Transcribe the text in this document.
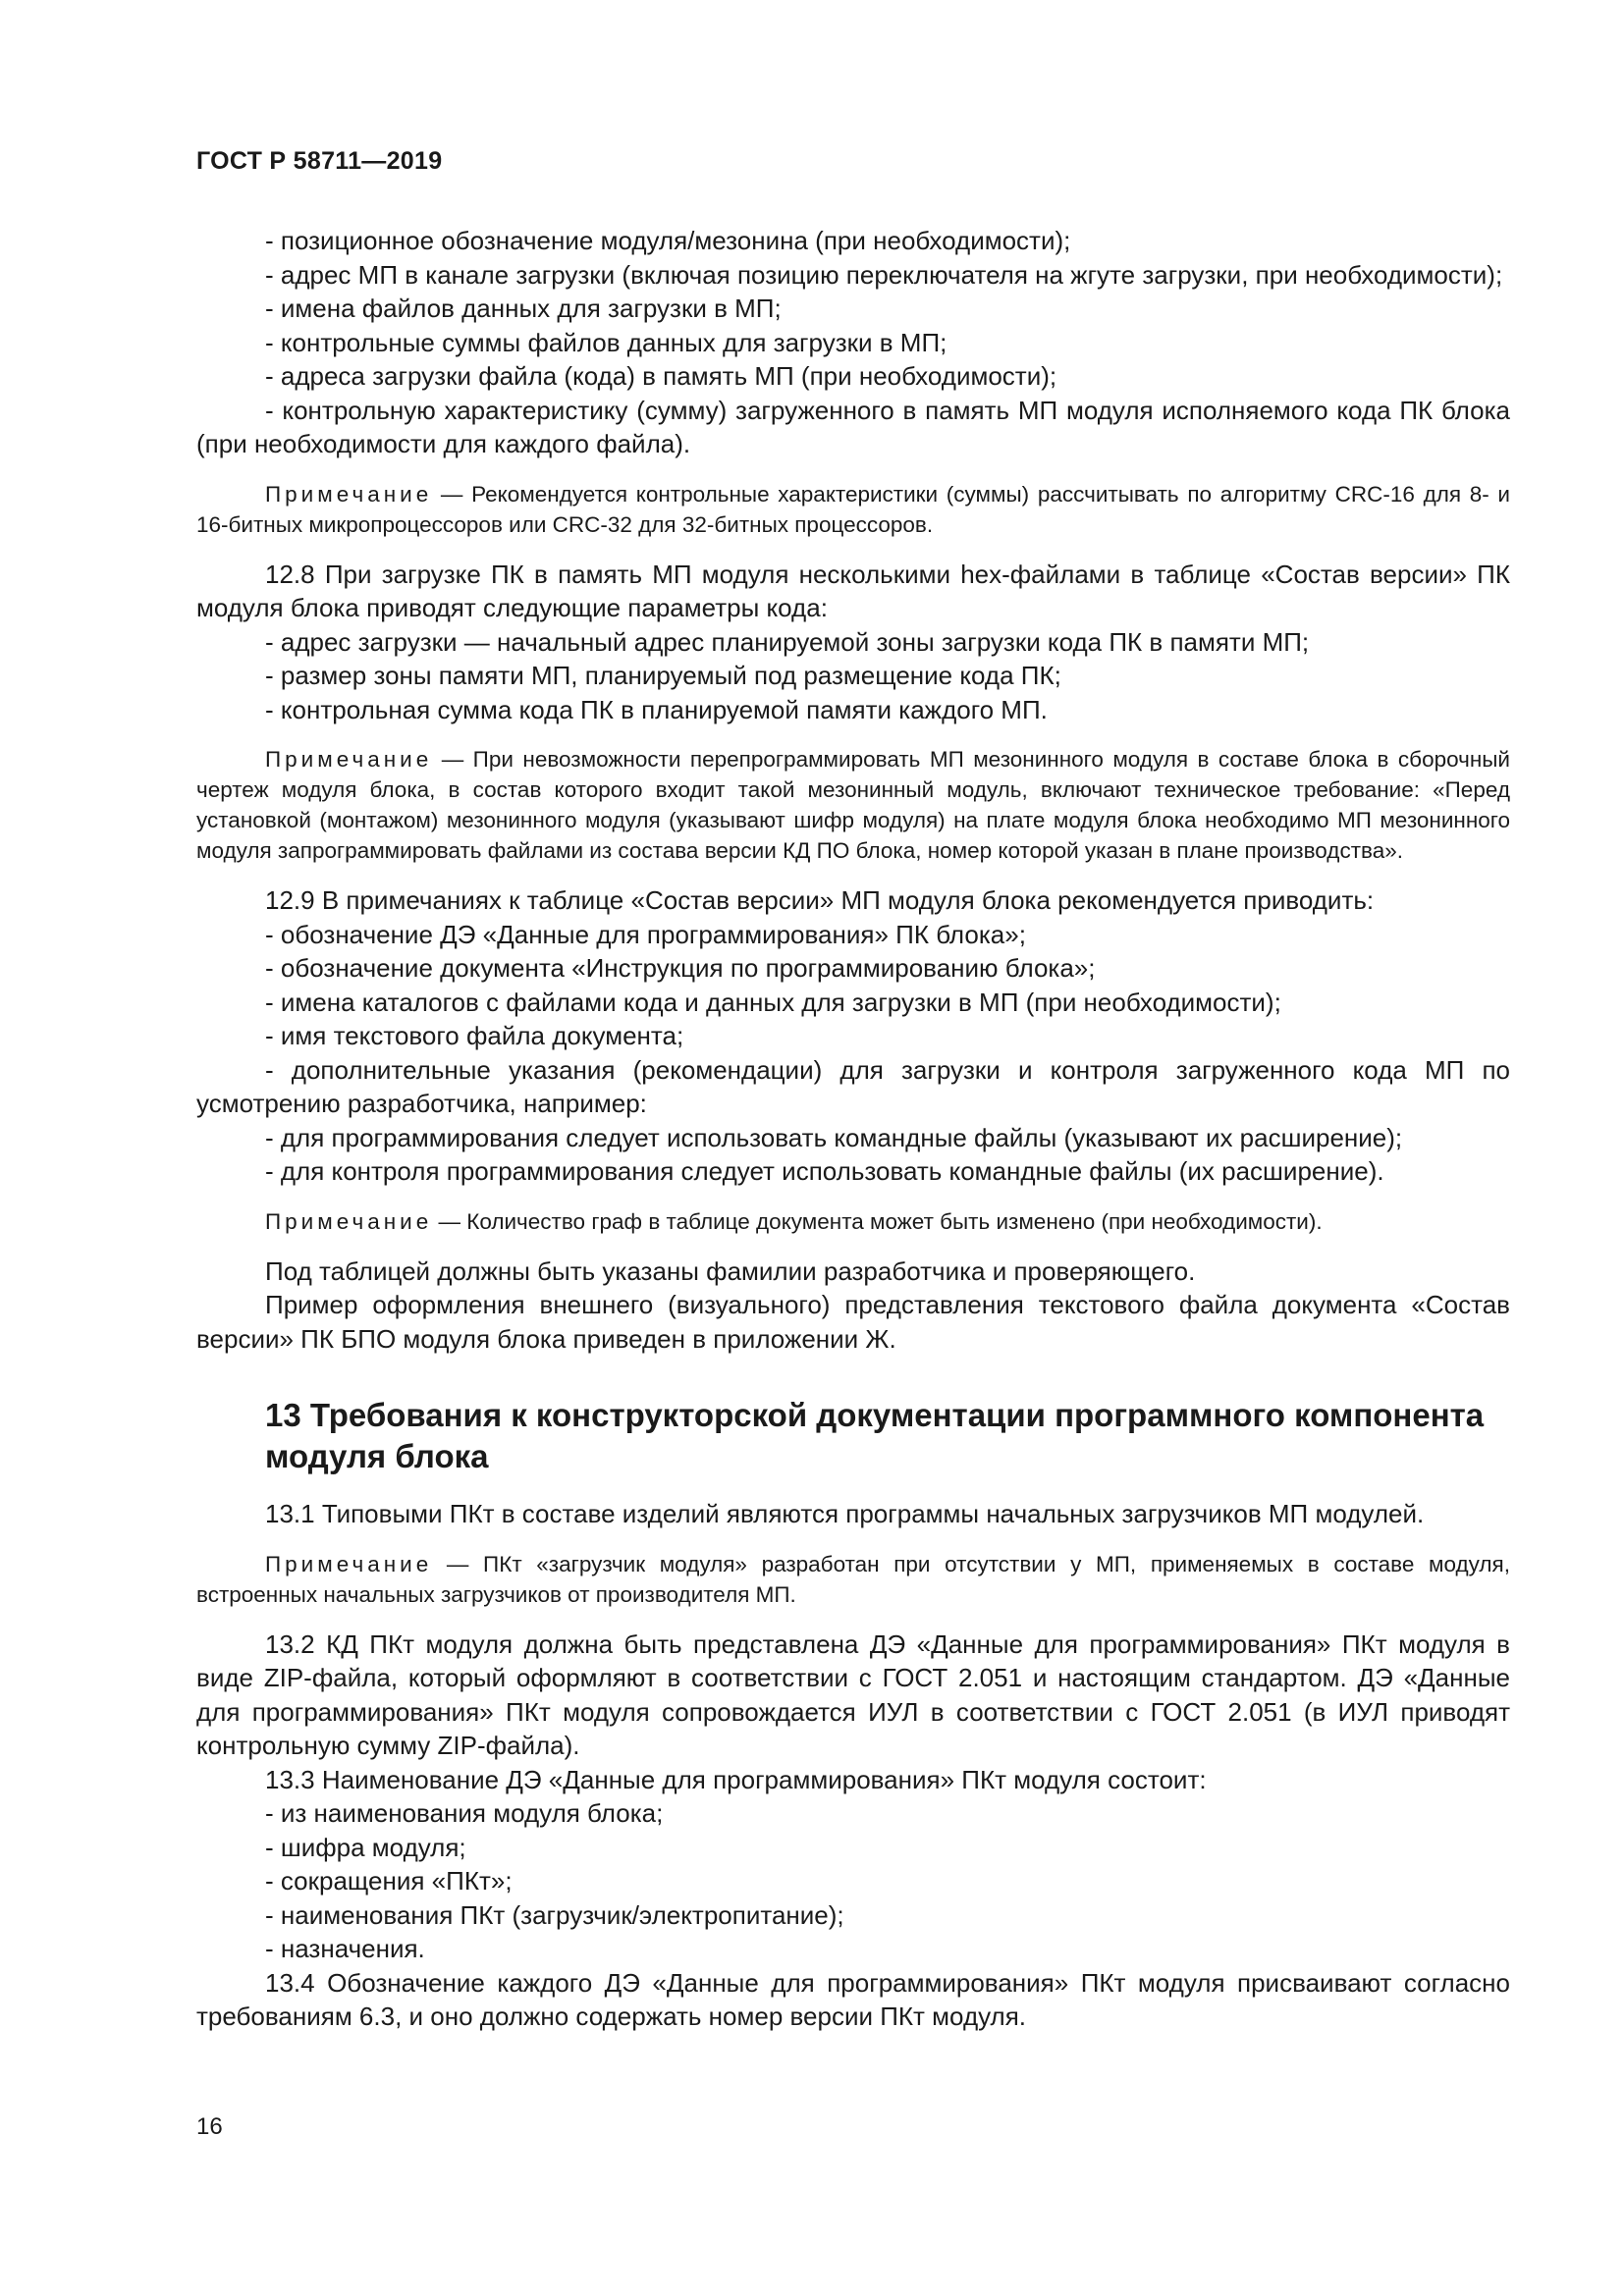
ГОСТ Р 58711—2019

- позиционное обозначение модуля/мезонина (при необходимости);

- адрес МП в канале загрузки (включая позицию переключателя на жгуте загрузки, при необходимости);

- имена файлов данных для загрузки в МП;

- контрольные суммы файлов данных для загрузки в МП;

- адреса загрузки файла (кода) в память МП (при необходимости);

- контрольную характеристику (сумму) загруженного в память МП модуля исполняемого кода ПК блока (при необходимости для каждого файла).

Примечание — Рекомендуется контрольные характеристики (суммы) рассчитывать по алгоритму CRC-16 для 8- и 16-битных микропроцессоров или CRC-32 для 32-битных процессоров.

12.8 При загрузке ПК в память МП модуля несколькими hex-файлами в таблице «Состав версии» ПК модуля блока приводят следующие параметры кода:

- адрес загрузки — начальный адрес планируемой зоны загрузки кода ПК в памяти МП;

- размер зоны памяти МП, планируемый под размещение кода ПК;

- контрольная сумма кода ПК в планируемой памяти каждого МП.

Примечание — При невозможности перепрограммировать МП мезонинного модуля в составе блока в сборочный чертеж модуля блока, в состав которого входит такой мезонинный модуль, включают техническое требование: «Перед установкой (монтажом) мезонинного модуля (указывают шифр модуля) на плате модуля блока необходимо МП мезонинного модуля запрограммировать файлами из состава версии КД ПО блока, номер которой указан в плане производства».

12.9 В примечаниях к таблице «Состав версии» МП модуля блока рекомендуется приводить:

- обозначение ДЭ «Данные для программирования» ПК блока»;

- обозначение документа «Инструкция по программированию блока»;

- имена каталогов с файлами кода и данных для загрузки в МП (при необходимости);

- имя текстового файла документа;

- дополнительные указания (рекомендации) для загрузки и контроля загруженного кода МП по усмотрению разработчика, например:

- для программирования следует использовать командные файлы (указывают их расширение);

- для контроля программирования следует использовать командные файлы (их расширение).

Примечание — Количество граф в таблице документа может быть изменено (при необходимости).

Под таблицей должны быть указаны фамилии разработчика и проверяющего.

Пример оформления внешнего (визуального) представления текстового файла документа «Состав версии» ПК БПО модуля блока приведен в приложении Ж.

13 Требования к конструкторской документации программного компонента модуля блока

13.1 Типовыми ПКт в составе изделий являются программы начальных загрузчиков МП модулей.

Примечание — ПКт «загрузчик модуля» разработан при отсутствии у МП, применяемых в составе модуля, встроенных начальных загрузчиков от производителя МП.

13.2 КД ПКт модуля должна быть представлена ДЭ «Данные для программирования» ПКт модуля в виде ZIP-файла, который оформляют в соответствии с ГОСТ 2.051 и настоящим стандартом. ДЭ «Данные для программирования» ПКт модуля сопровождается ИУЛ в соответствии с ГОСТ 2.051 (в ИУЛ приводят контрольную сумму ZIP-файла).

13.3 Наименование ДЭ «Данные для программирования» ПКт модуля состоит:

- из наименования модуля блока;

- шифра модуля;

- сокращения «ПКт»;

- наименования ПКт (загрузчик/электропитание);

- назначения.

13.4 Обозначение каждого ДЭ «Данные для программирования» ПКт модуля присваивают согласно требованиям 6.3, и оно должно содержать номер версии ПКт модуля.

16
